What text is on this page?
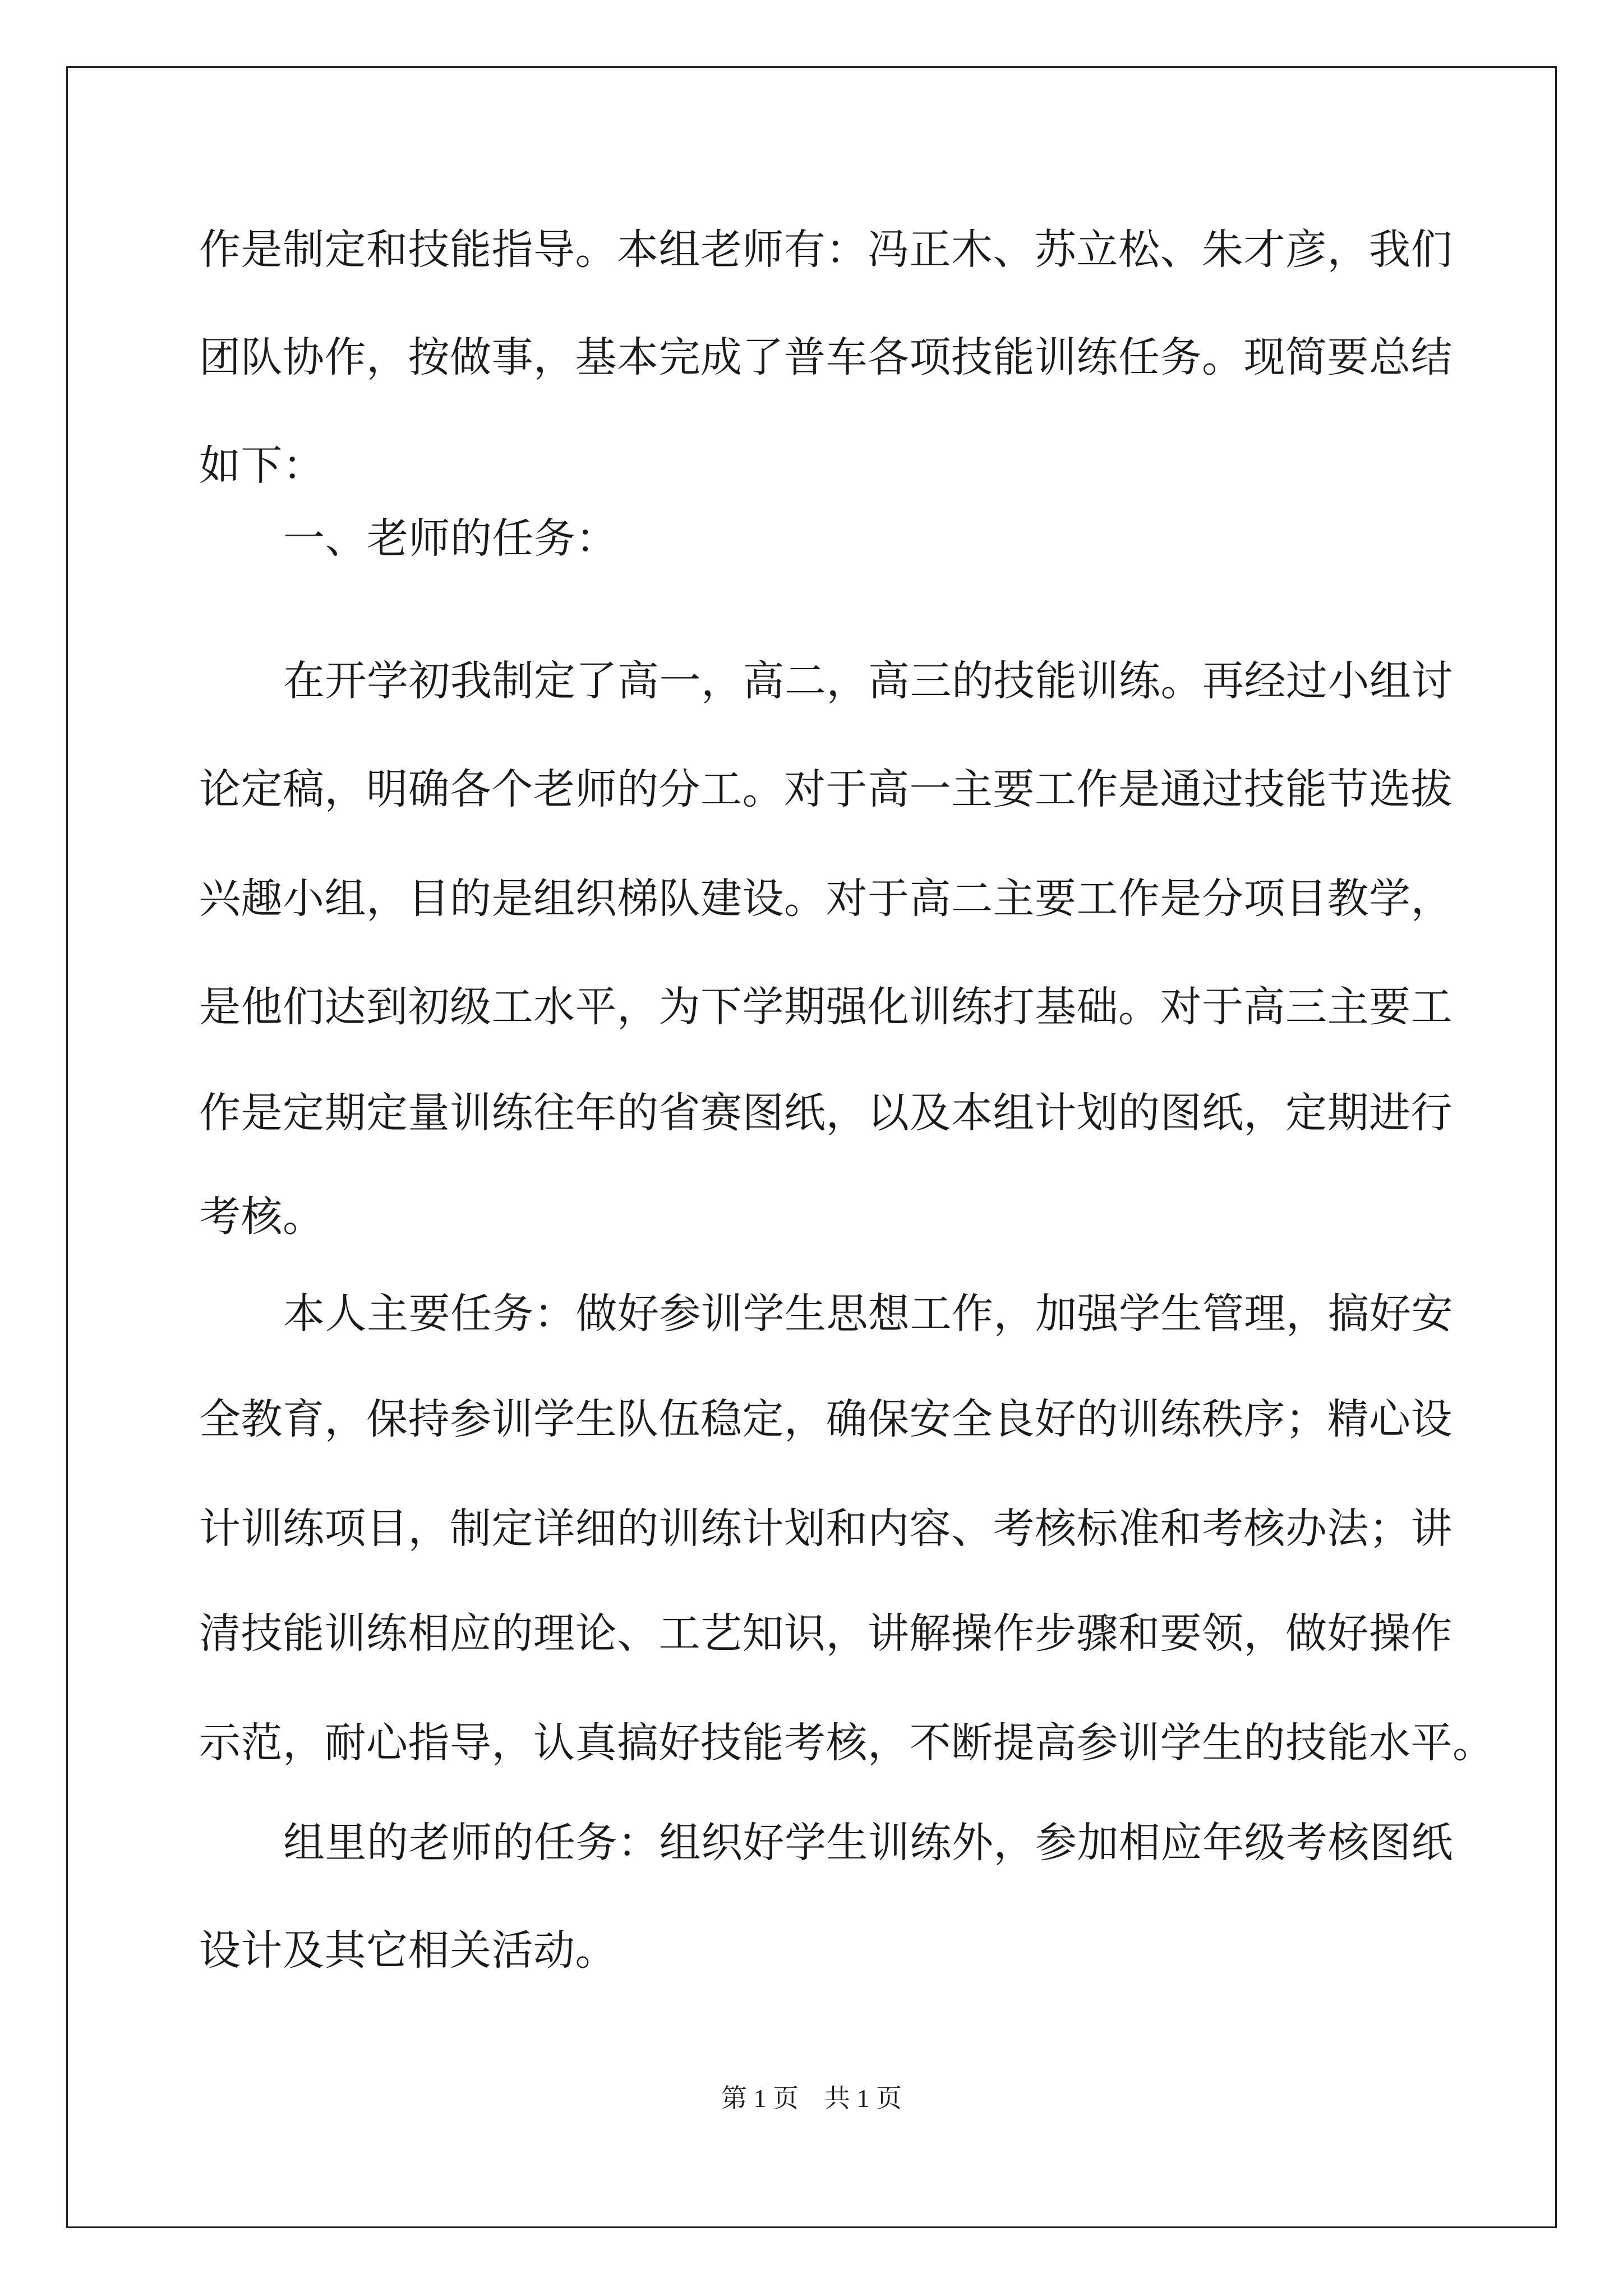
作是制定和技能指导。本组老师有：冯正木、苏立松、朱才彦，我们
团队协作，按做事，基本完成了普车各项技能训练任务。现简要总结
如下：
一、老师的任务：
在开学初我制定了高一，高二，高三的技能训练。再经过小组讨
论定稿，明确各个老师的分工。对于高一主要工作是通过技能节选拔
兴趣小组，目的是组织梯队建设。对于高二主要工作是分项目教学，
是他们达到初级工水平，为下学期强化训练打基础。对于高三主要工
作是定期定量训练往年的省赛图纸，以及本组计划的图纸，定期进行
考核。
本人主要任务：做好参训学生思想工作，加强学生管理，搞好安
全教育，保持参训学生队伍稳定，确保安全良好的训练秩序；精心设
计训练项目，制定详细的训练计划和内容、考核标准和考核办法；讲
清技能训练相应的理论、工艺知识，讲解操作步骤和要领，做好操作
示范，耐心指导，认真搞好技能考核，不断提高参训学生的技能水平。
组里的老师的任务：组织好学生训练外，参加相应年级考核图纸
设计及其它相关活动。
第 1 页    共 1 页
